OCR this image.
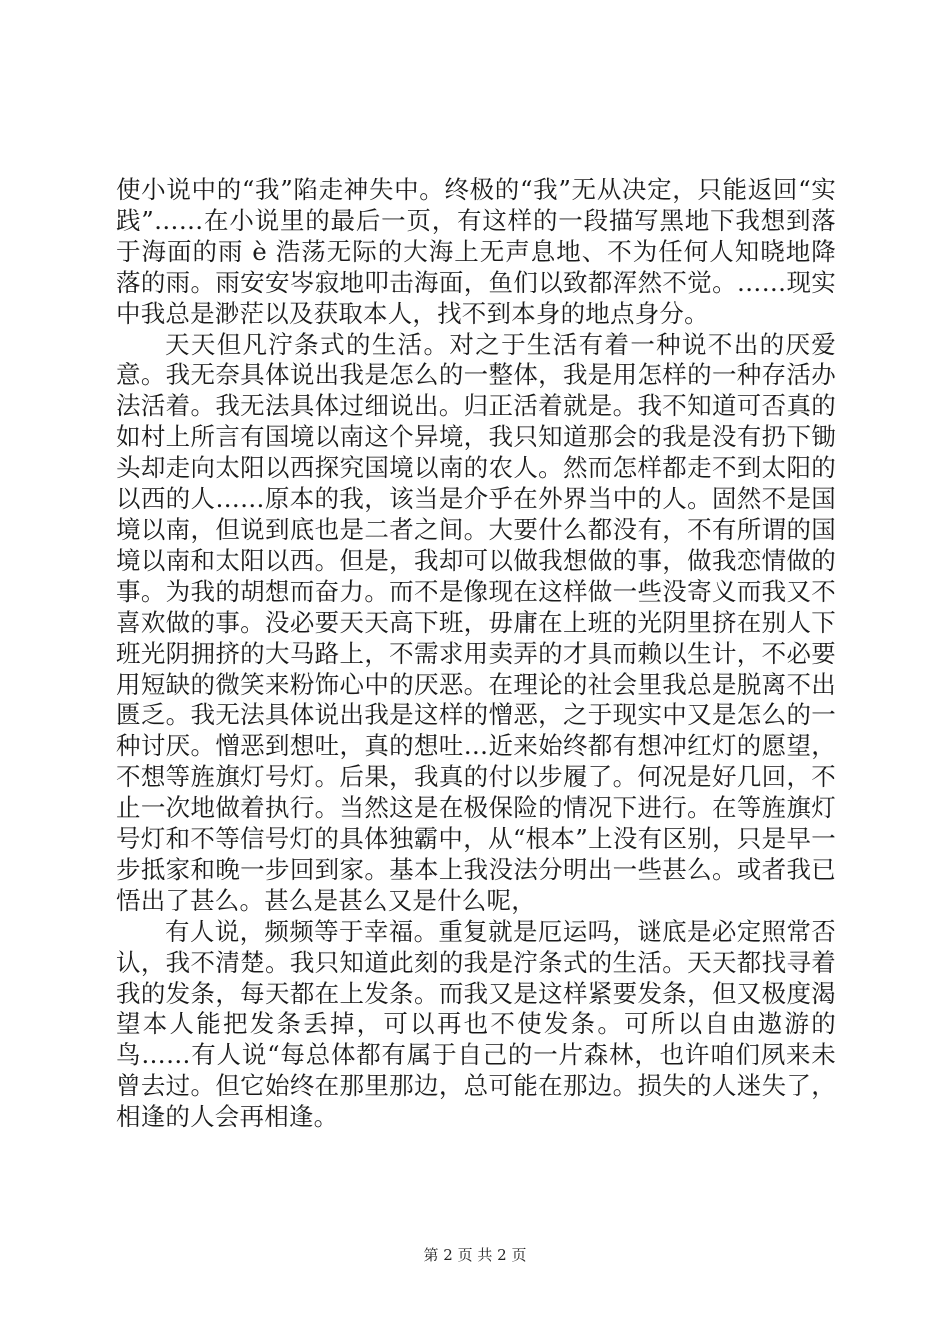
使小说中的“我”陷走神失中。终极的“我”无从决定，只能返回“实践”……在小说里的最后一页，有这样的一段描写黑地下我想到落于海面的雨 è 浩荡无际的大海上无声息地、不为任何人知晓地降落的雨。雨安安岑寂地叩击海面，鱼们以致都浑然不觉。……现实中我总是渺茫以及获取本人，找不到本身的地点身分。

天天但凡泞条式的生活。对之于生活有着一种说不出的厌爱意。我无奈具体说出我是怎么的一整体，我是用怎样的一种存活办法活着。我无法具体过细说出。归正活着就是。我不知道可否真的如村上所言有国境以南这个异境，我只知道那会的我是没有扔下锄头却走向太阳以西探究国境以南的农人。然而怎样都走不到太阳的以西的人……原本的我，该当是介乎在外界当中的人。固然不是国境以南，但说到底也是二者之间。大要什么都没有，不有所谓的国境以南和太阳以西。但是，我却可以做我想做的事，做我恋情做的事。为我的胡想而奋力。而不是像现在这样做一些没寄义而我又不喜欢做的事。没必要天天高下班，毋庸在上班的光阴里挤在别人下班光阴拥挤的大马路上，不需求用卖弄的才具而赖以生计，不必要用短缺的微笑来粉饰心中的厌恶。在理论的社会里我总是脱离不出匮乏。我无法具体说出我是这样的憎恶，之于现实中又是怎么的一种讨厌。憎恶到想吐，真的想吐…近来始终都有想冲红灯的愿望，不想等旌旗灯号灯。后果，我真的付以步履了。何况是好几回，不止一次地做着执行。当然这是在极保险的情况下进行。在等旌旗灯号灯和不等信号灯的具体独霸中，从“根本”上没有区别，只是早一步抵家和晚一步回到家。基本上我没法分明出一些甚么。或者我已悟出了甚么。甚么是甚么又是什么呢，

有人说，频频等于幸福。重复就是厄运吗，谜底是必定照常否认，我不清楚。我只知道此刻的我是泞条式的生活。天天都找寻着我的发条，每天都在上发条。而我又是这样紧要发条，但又极度渴望本人能把发条丢掉，可以再也不使发条。可所以自由遨游的鸟……有人说“每总体都有属于自己的一片森林，也许咱们夙来未曾去过。但它始终在那里那边，总可能在那边。损失的人迷失了，相逢的人会再相逢。

第 2 页 共 2 页
